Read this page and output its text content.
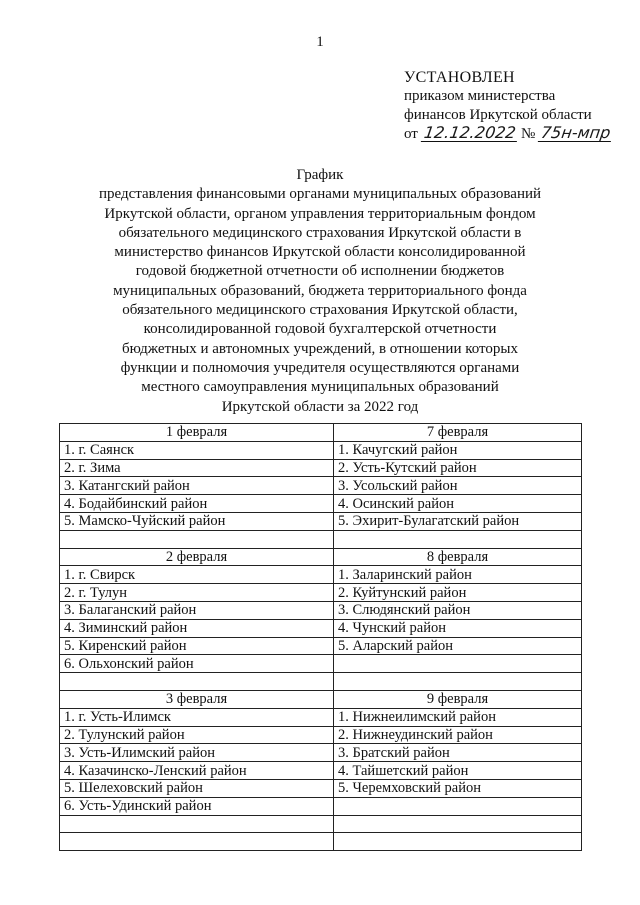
1
УСТАНОВЛЕН
приказом министерства
финансов Иркутской области
от
12.12.2022
№
75н-мпр
График
представления финансовыми органами муниципальных образований
Иркутской области, органом управления территориальным фондом
обязательного медицинского страхования Иркутской области в
министерство финансов Иркутской области консолидированной
годовой бюджетной отчетности об исполнении бюджетов
муниципальных образований, бюджета территориального фонда
обязательного медицинского страхования Иркутской области,
консолидированной годовой бухгалтерской отчетности
бюджетных и автономных учреждений, в отношении которых
функции и полномочия учредителя осуществляются органами
местного самоуправления муниципальных образований
Иркутской области за 2022 год
1 февраля	7 февраля
1. г. Саянск	1. Качугский район
2. г. Зима	2. Усть-Кутский район
3. Катангский район	3. Усольский район
4. Бодайбинский район	4. Осинский район
5. Мамско-Чуйский район	5. Эхирит-Булагатский район

2 февраля	8 февраля
1. г. Свирск	1. Заларинский район
2. г. Тулун	2. Куйтунский район
3. Балаганский район	3. Слюдянский район
4. Зиминский район	4. Чунский район
5. Киренский район	5. Аларский район
6. Ольхонский район	

3 февраля	9 февраля
1. г. Усть-Илимск	1. Нижнеилимский район
2. Тулунский район	2. Нижнеудинский район
3. Усть-Илимский район	3. Братский район
4. Казачинско-Ленский район	4. Тайшетский район
5. Шелеховский район	5. Черемховский район
6. Усть-Удинский район	
